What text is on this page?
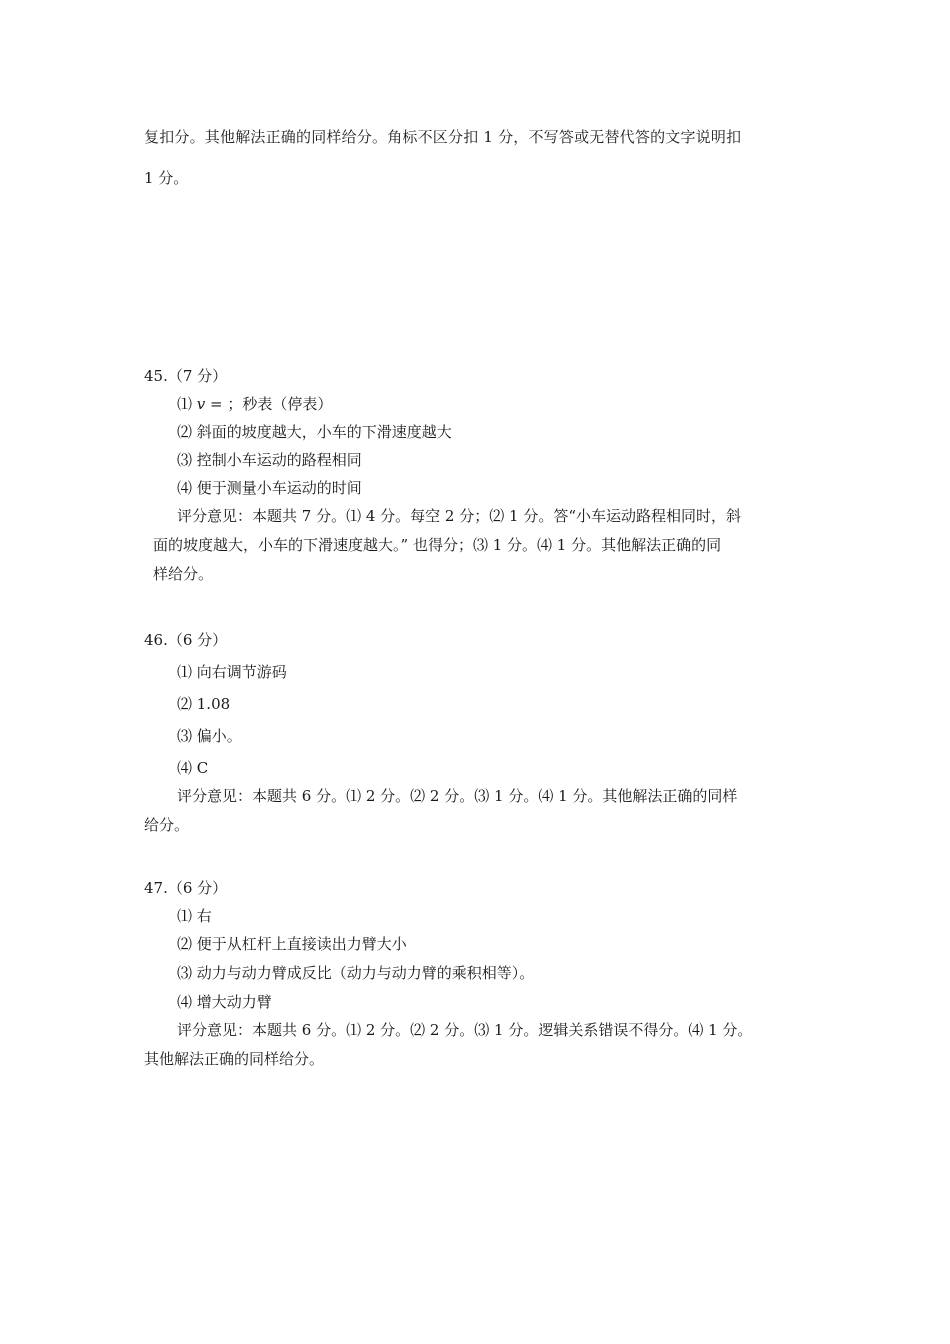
复扣分。其他解法正确的同样给分。角标不区分扣 1 分，不写答或无替代答的文字说明扣
1 分。
45.（7 分）
⑴ v = ；秒表（停表）
⑵ 斜面的坡度越大，小车的下滑速度越大
⑶ 控制小车运动的路程相同
⑷ 便于测量小车运动的时间
评分意见：本题共 7 分。⑴ 4 分。每空 2 分；⑵ 1 分。答“小车运动路程相同时，斜
面的坡度越大，小车的下滑速度越大。” 也得分；⑶ 1 分。⑷ 1 分。其他解法正确的同
样给分。
46.（6 分）
⑴ 向右调节游码
⑵ 1.08
⑶ 偏小。
⑷ C
评分意见：本题共 6 分。⑴ 2 分。⑵ 2 分。⑶ 1 分。⑷ 1 分。其他解法正确的同样
给分。
47.（6 分）
⑴ 右
⑵ 便于从杠杆上直接读出力臂大小
⑶ 动力与动力臂成反比（动力与动力臂的乘积相等）。
⑷ 增大动力臂
评分意见：本题共 6 分。⑴ 2 分。⑵ 2 分。⑶ 1 分。逻辑关系错误不得分。⑷ 1 分。
其他解法正确的同样给分。
